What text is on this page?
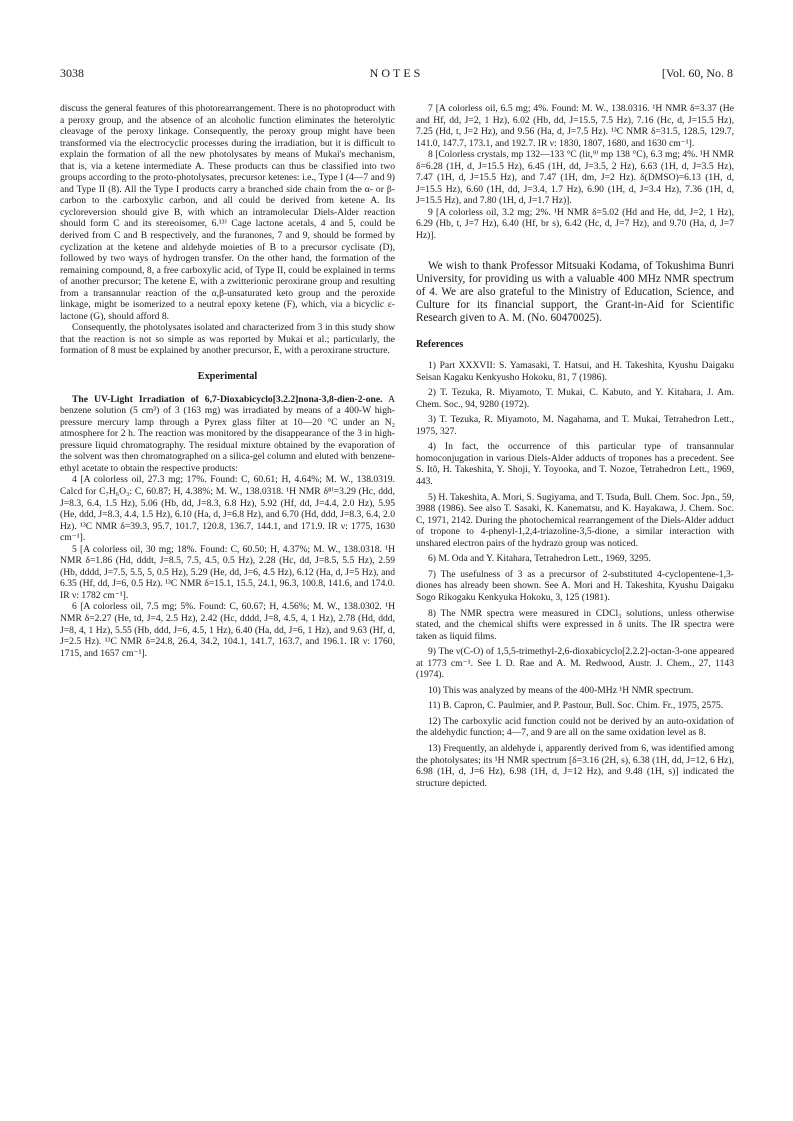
3038	NOTES	[Vol. 60, No. 8

discuss the general features of this photorearrangement. There is no photoproduct with a peroxy group, and the absence of an alcoholic function eliminates the heterolytic cleavage of the peroxy linkage. Consequently, the peroxy group might have been transformed via the electrocyclic processes during the irradiation, but it is difficult to explain the formation of all the new photolysates by means of Mukai's mechanism, that is, via a ketene intermediate A. These products can thus be classified into two groups according to the proto-photolysates, precursor ketenes: i.e., Type I (4—7 and 9) and Type II (8). All the Type I products carry a branched side chain from the α- or β-carbon to the carboxylic carbon, and all could be derived from ketene A. Its cycloreversion should give B, with which an intramolecular Diels-Alder reaction should form C and its stereoisomer, 6.¹³⁾ Cage lactone acetals, 4 and 5, could be derived from C and B respectively, and the furanones, 7 and 9, should be formed by cyclization at the ketene and aldehyde moieties of B to a precursor cyclisate (D), followed by two ways of hydrogen transfer. On the other hand, the formation of the remaining compound, 8, a free carboxylic acid, of Type II, could be explained in terms of another precursor; The ketene E, with a zwitterionic peroxirane group and resulting from a transannular reaction of the α,β-unsaturated keto group and the peroxide linkage, might be isomerized to a neutral epoxy ketene (F), which, via a bicyclic ε-lactone (G), should afford 8.

Consequently, the photolysates isolated and characterized from 3 in this study show that the reaction is not so simple as was reported by Mukai et al.; particularly, the formation of 8 must be explained by another precursor, E, with a peroxirane structure.

Experimental

The UV-Light Irradiation of 6,7-Dioxabicyclo[3.2.2]nona-3,8-dien-2-one. A benzene solution (5 cm³) of 3 (163 mg) was irradiated by means of a 400-W high-pressure mercury lamp through a Pyrex glass filter at 10—20 °C under an N₂ atmosphere for 2 h. The reaction was monitored by the disappearance of the 3 in high-pressure liquid chromatography. The residual mixture obtained by the evaporation of the solvent was then chromatographed on a silica-gel column and eluted with benzene-ethyl acetate to obtain the respective products:

4 [A colorless oil, 27.3 mg; 17%. Found: C, 60.61; H, 4.64%; M. W., 138.0319. Calcd for C₇H₆O₃: C, 60.87; H, 4.38%; M. W., 138.0318. ¹H NMR δ⁸⁾=3.29 (Hc, ddd, J=8.3, 6.4, 1.5 Hz), 5.06 (Hb, dd, J=8.3, 6.8 Hz), 5.92 (Hf, dd, J=4.4, 2.0 Hz), 5.95 (He, ddd, J=8.3, 4.4, 1.5 Hz), 6.10 (Ha, d, J=6.8 Hz), and 6.70 (Hd, ddd, J=8.3, 6.4, 2.0 Hz). ¹³C NMR δ=39.3, 95.7, 101.7, 120.8, 136.7, 144.1, and 171.9. IR ν: 1775, 1630 cm⁻¹].

5 [A colorless oil, 30 mg; 18%. Found: C, 60.50; H, 4.37%; M. W., 138.0318. ¹H NMR δ=1.86 (Hd, dddt, J=8.5, 7.5, 4.5, 0.5 Hz), 2.28 (Hc, dd, J=8.5, 5.5 Hz), 2.59 (Hb, dddd, J=7.5, 5.5, 5, 0.5 Hz), 5.29 (He, dd, J=6, 4.5 Hz), 6.12 (Ha, d, J=5 Hz), and 6.35 (Hf, dd, J=6, 0.5 Hz). ¹³C NMR δ=15.1, 15.5, 24.1, 96.3, 100.8, 141.6, and 174.0. IR ν: 1782 cm⁻¹].

6 [A colorless oil, 7.5 mg; 5%. Found: C, 60.67; H, 4.56%; M. W., 138.0302. ¹H NMR δ=2.27 (He, td, J=4, 2.5 Hz), 2.42 (Hc, dddd, J=8, 4.5, 4, 1 Hz), 2.78 (Hd, ddd, J=8, 4, 1 Hz), 5.55 (Hb, ddd, J=6, 4.5, 1 Hz), 6.40 (Ha, dd, J=6, 1 Hz), and 9.63 (Hf, d, J=2.5 Hz). ¹³C NMR δ=24.8, 26.4, 34.2, 104.1, 141.7, 163.7, and 196.1. IR ν: 1760, 1715, and 1657 cm⁻¹].

7 [A colorless oil, 6.5 mg; 4%. Found: M. W., 138.0316. ¹H NMR δ=3.37 (He and Hf, dd, J=2, 1 Hz), 6.02 (Hb, dd, J=15.5, 7.5 Hz), 7.16 (Hc, d, J=15.5 Hz), 7.25 (Hd, t, J=2 Hz), and 9.56 (Ha, d, J=7.5 Hz). ¹³C NMR δ=31.5, 128.5, 129.7, 141.0, 147.7, 173.1, and 192.7. IR ν: 1830, 1807, 1680, and 1630 cm⁻¹].

8 [Colorless crystals, mp 132—133 °C (lit,⁹⁾ mp 138 °C), 6.3 mg; 4%. ¹H NMR δ=6.28 (1H, d, J=15.5 Hz), 6.45 (1H, dd, J=3.5, 2 Hz), 6.63 (1H, d, J=3.5 Hz), 7.47 (1H, d, J=15.5 Hz), and 7.47 (1H, dm, J=2 Hz). δ(DMSO)=6.13 (1H, d, J=15.5 Hz), 6.60 (1H, dd, J=3.4, 1.7 Hz), 6.90 (1H, d, J=3.4 Hz), 7.36 (1H, d, J=15.5 Hz), and 7.80 (1H, d, J=1.7 Hz)].

9 [A colorless oil, 3.2 mg; 2%. ¹H NMR δ=5.02 (Hd and He, dd, J=2, 1 Hz), 6.29 (Hb, t, J=7 Hz), 6.40 (Hf, br s), 6.42 (Hc, d, J=7 Hz), and 9.70 (Ha, d, J=7 Hz)].

We wish to thank Professor Mitsuaki Kodama, of Tokushima Bunri University, for providing us with a valuable 400 MHz NMR spectrum of 4. We are also grateful to the Ministry of Education, Science, and Culture for its financial support, the Grant-in-Aid for Scientific Research given to A. M. (No. 60470025).

References

1) Part XXXVII: S. Yamasaki, T. Hatsui, and H. Takeshita, Kyushu Daigaku Seisan Kagaku Kenkyusho Hokoku, 81, 7 (1986).

2) T. Tezuka, R. Miyamoto, T. Mukai, C. Kabuto, and Y. Kitahara, J. Am. Chem. Soc., 94, 9280 (1972).

3) T. Tezuka, R. Miyamoto, M. Nagahama, and T. Mukai, Tetrahedron Lett., 1975, 327.

4) In fact, the occurrence of this particular type of transannular homoconjugation in various Diels-Alder adducts of tropones has a precedent. See S. Itô, H. Takeshita, Y. Shoji, Y. Toyooka, and T. Nozoe, Tetrahedron Lett., 1969, 443.

5) H. Takeshita, A. Mori, S. Sugiyama, and T. Tsuda, Bull. Chem. Soc. Jpn., 59, 3988 (1986). See also T. Sasaki, K. Kanematsu, and K. Hayakawa, J. Chem. Soc. C, 1971, 2142. During the photochemical rearrangement of the Diels-Alder adduct of tropone to 4-phenyl-1,2,4-triazoline-3,5-dione, a similar interaction with unshared electron pairs of the hydrazo group was noticed.

6) M. Oda and Y. Kitahara, Tetrahedron Lett., 1969, 3295.

7) The usefulness of 3 as a precursor of 2-substituted 4-cyclopentene-1,3-diones has already been shown. See A. Mori and H. Takeshita, Kyushu Daigaku Sogo Rikogaku Kenkyuka Hokoku, 3, 125 (1981).

8) The NMR spectra were measured in CDCl₃ solutions, unless otherwise stated, and the chemical shifts were expressed in δ units. The IR spectra were taken as liquid films.

9) The ν(C-O) of 1,5,5-trimethyl-2,6-dioxabicyclo[2.2.2]-octan-3-one appeared at 1773 cm⁻¹. See I. D. Rae and A. M. Redwood, Austr. J. Chem., 27, 1143 (1974).

10) This was analyzed by means of the 400-MHz ¹H NMR spectrum.

11) B. Capron, C. Paulmier, and P. Pastour, Bull. Soc. Chim. Fr., 1975, 2575.

12) The carboxylic acid function could not be derived by an auto-oxidation of the aldehydic function; 4—7, and 9 are all on the same oxidation level as 8.

13) Frequently, an aldehyde i, apparently derived from 6, was identified among the photolysates; its ¹H NMR spectrum [δ=3.16 (2H, s), 6.38 (1H, dd, J=12, 6 Hz), 6.98 (1H, d, J=6 Hz), 6.98 (1H, d, J=12 Hz), and 9.48 (1H, s)] indicated the structure depicted.
